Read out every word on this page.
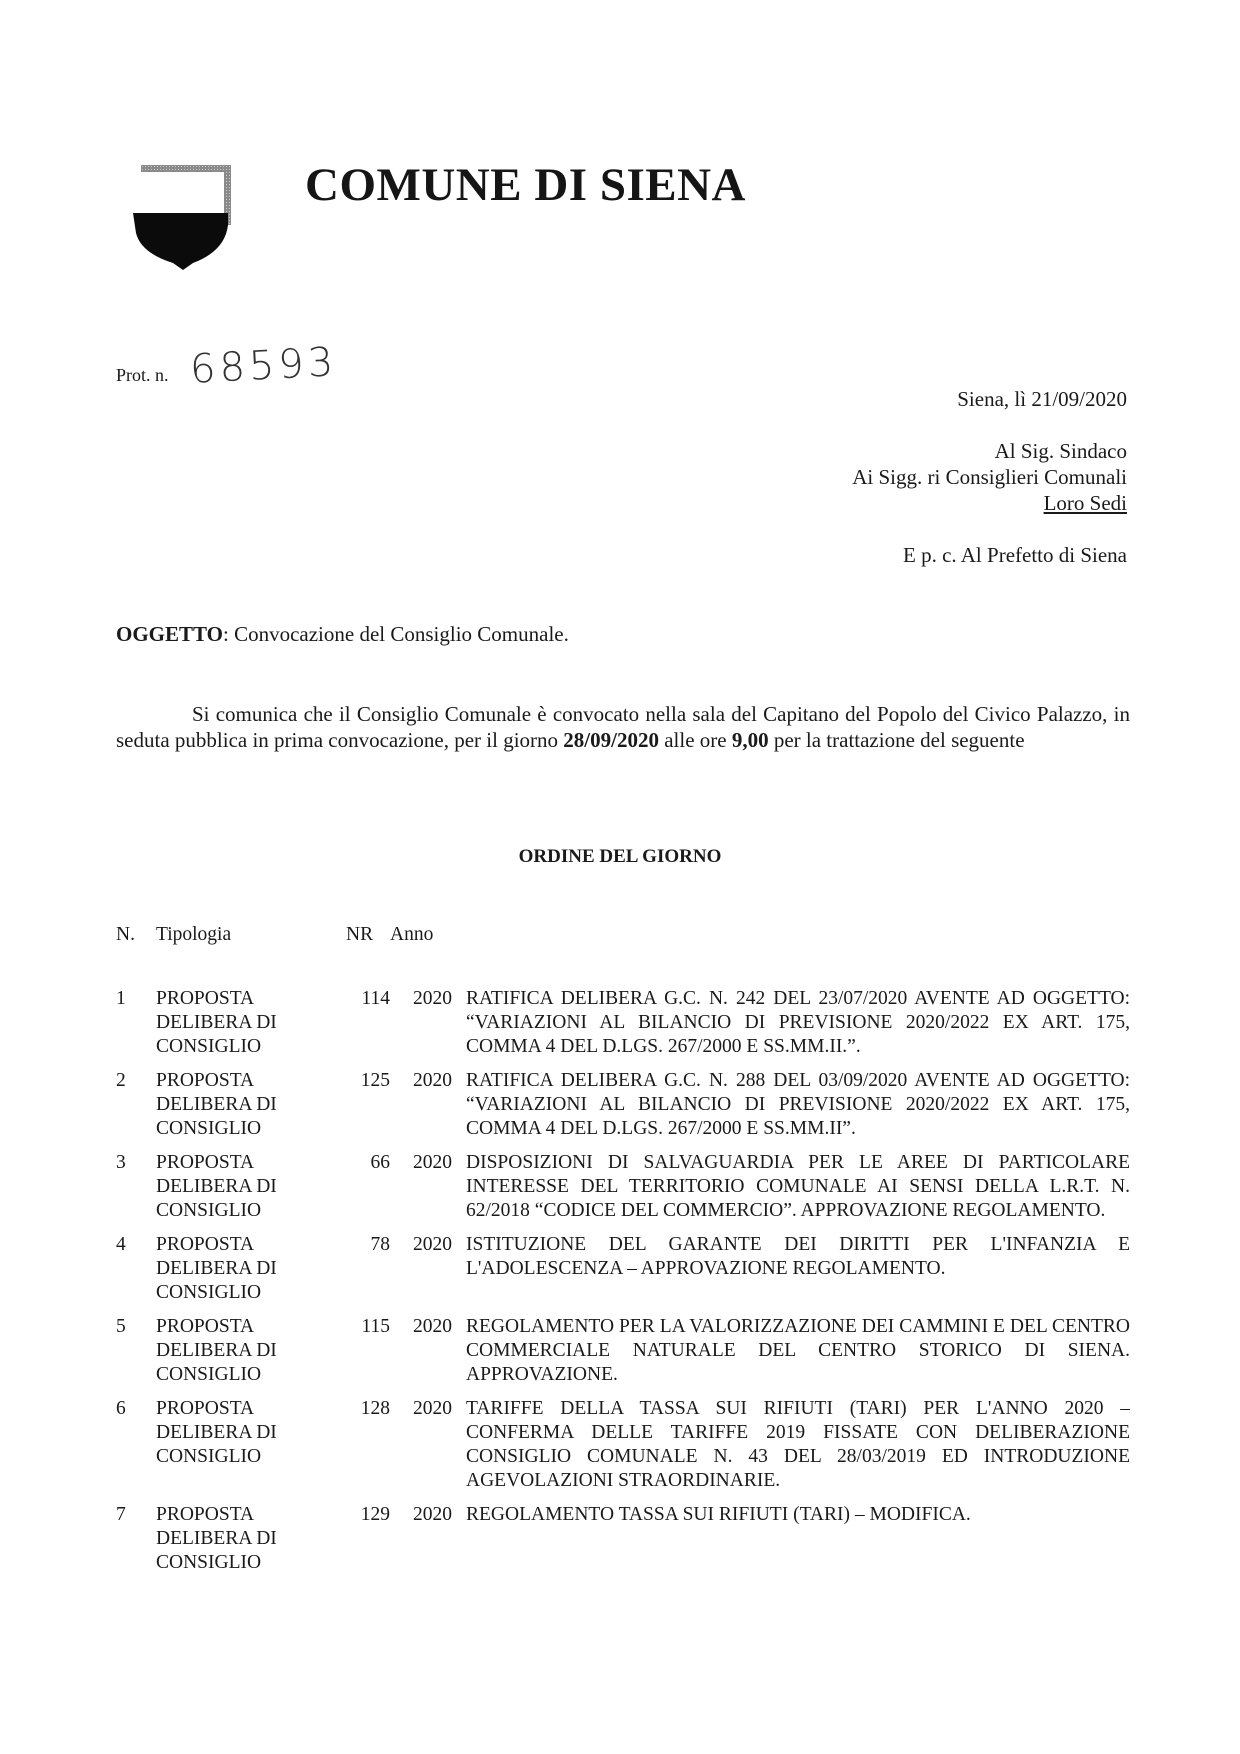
COMUNE DI SIENA
Prot. n. 68593
Siena, lì 21/09/2020
Al Sig. Sindaco
Ai Sigg. ri Consiglieri Comunali
Loro Sedi
E p. c. Al Prefetto di Siena
OGGETTO: Convocazione del Consiglio Comunale.
Si comunica che il Consiglio Comunale è convocato nella sala del Capitano del Popolo del Civico Palazzo, in seduta pubblica in prima convocazione, per il giorno 28/09/2020 alle ore 9,00 per la trattazione del seguente
ORDINE DEL GIORNO
N.	Tipologia	NR	Anno	
1	PROPOSTA DELIBERA DI CONSIGLIO	114	2020	RATIFICA DELIBERA G.C. N. 242 DEL 23/07/2020 AVENTE AD OGGETTO: “VARIAZIONI AL BILANCIO DI PREVISIONE 2020/2022 EX ART. 175, COMMA 4 DEL D.LGS. 267/2000 E SS.MM.II.”.
2	PROPOSTA DELIBERA DI CONSIGLIO	125	2020	RATIFICA DELIBERA G.C. N. 288 DEL 03/09/2020 AVENTE AD OGGETTO: “VARIAZIONI AL BILANCIO DI PREVISIONE 2020/2022 EX ART. 175, COMMA 4 DEL D.LGS. 267/2000 E SS.MM.II”.
3	PROPOSTA DELIBERA DI CONSIGLIO	66	2020	DISPOSIZIONI DI SALVAGUARDIA PER LE AREE DI PARTICOLARE INTERESSE DEL TERRITORIO COMUNALE AI SENSI DELLA L.R.T. N. 62/2018 “CODICE DEL COMMERCIO”. APPROVAZIONE REGOLAMENTO.
4	PROPOSTA DELIBERA DI CONSIGLIO	78	2020	ISTITUZIONE DEL GARANTE DEI DIRITTI PER L'INFANZIA E L'ADOLESCENZA – APPROVAZIONE REGOLAMENTO.
5	PROPOSTA DELIBERA DI CONSIGLIO	115	2020	REGOLAMENTO PER LA VALORIZZAZIONE DEI CAMMINI E DEL CENTRO COMMERCIALE NATURALE DEL CENTRO STORICO DI SIENA. APPROVAZIONE.
6	PROPOSTA DELIBERA DI CONSIGLIO	128	2020	TARIFFE DELLA TASSA SUI RIFIUTI (TARI) PER L'ANNO 2020 – CONFERMA DELLE TARIFFE 2019 FISSATE CON DELIBERAZIONE CONSIGLIO COMUNALE N. 43 DEL 28/03/2019 ED INTRODUZIONE AGEVOLAZIONI STRAORDINARIE.
7	PROPOSTA DELIBERA DI CONSIGLIO	129	2020	REGOLAMENTO TASSA SUI RIFIUTI (TARI) – MODIFICA.
